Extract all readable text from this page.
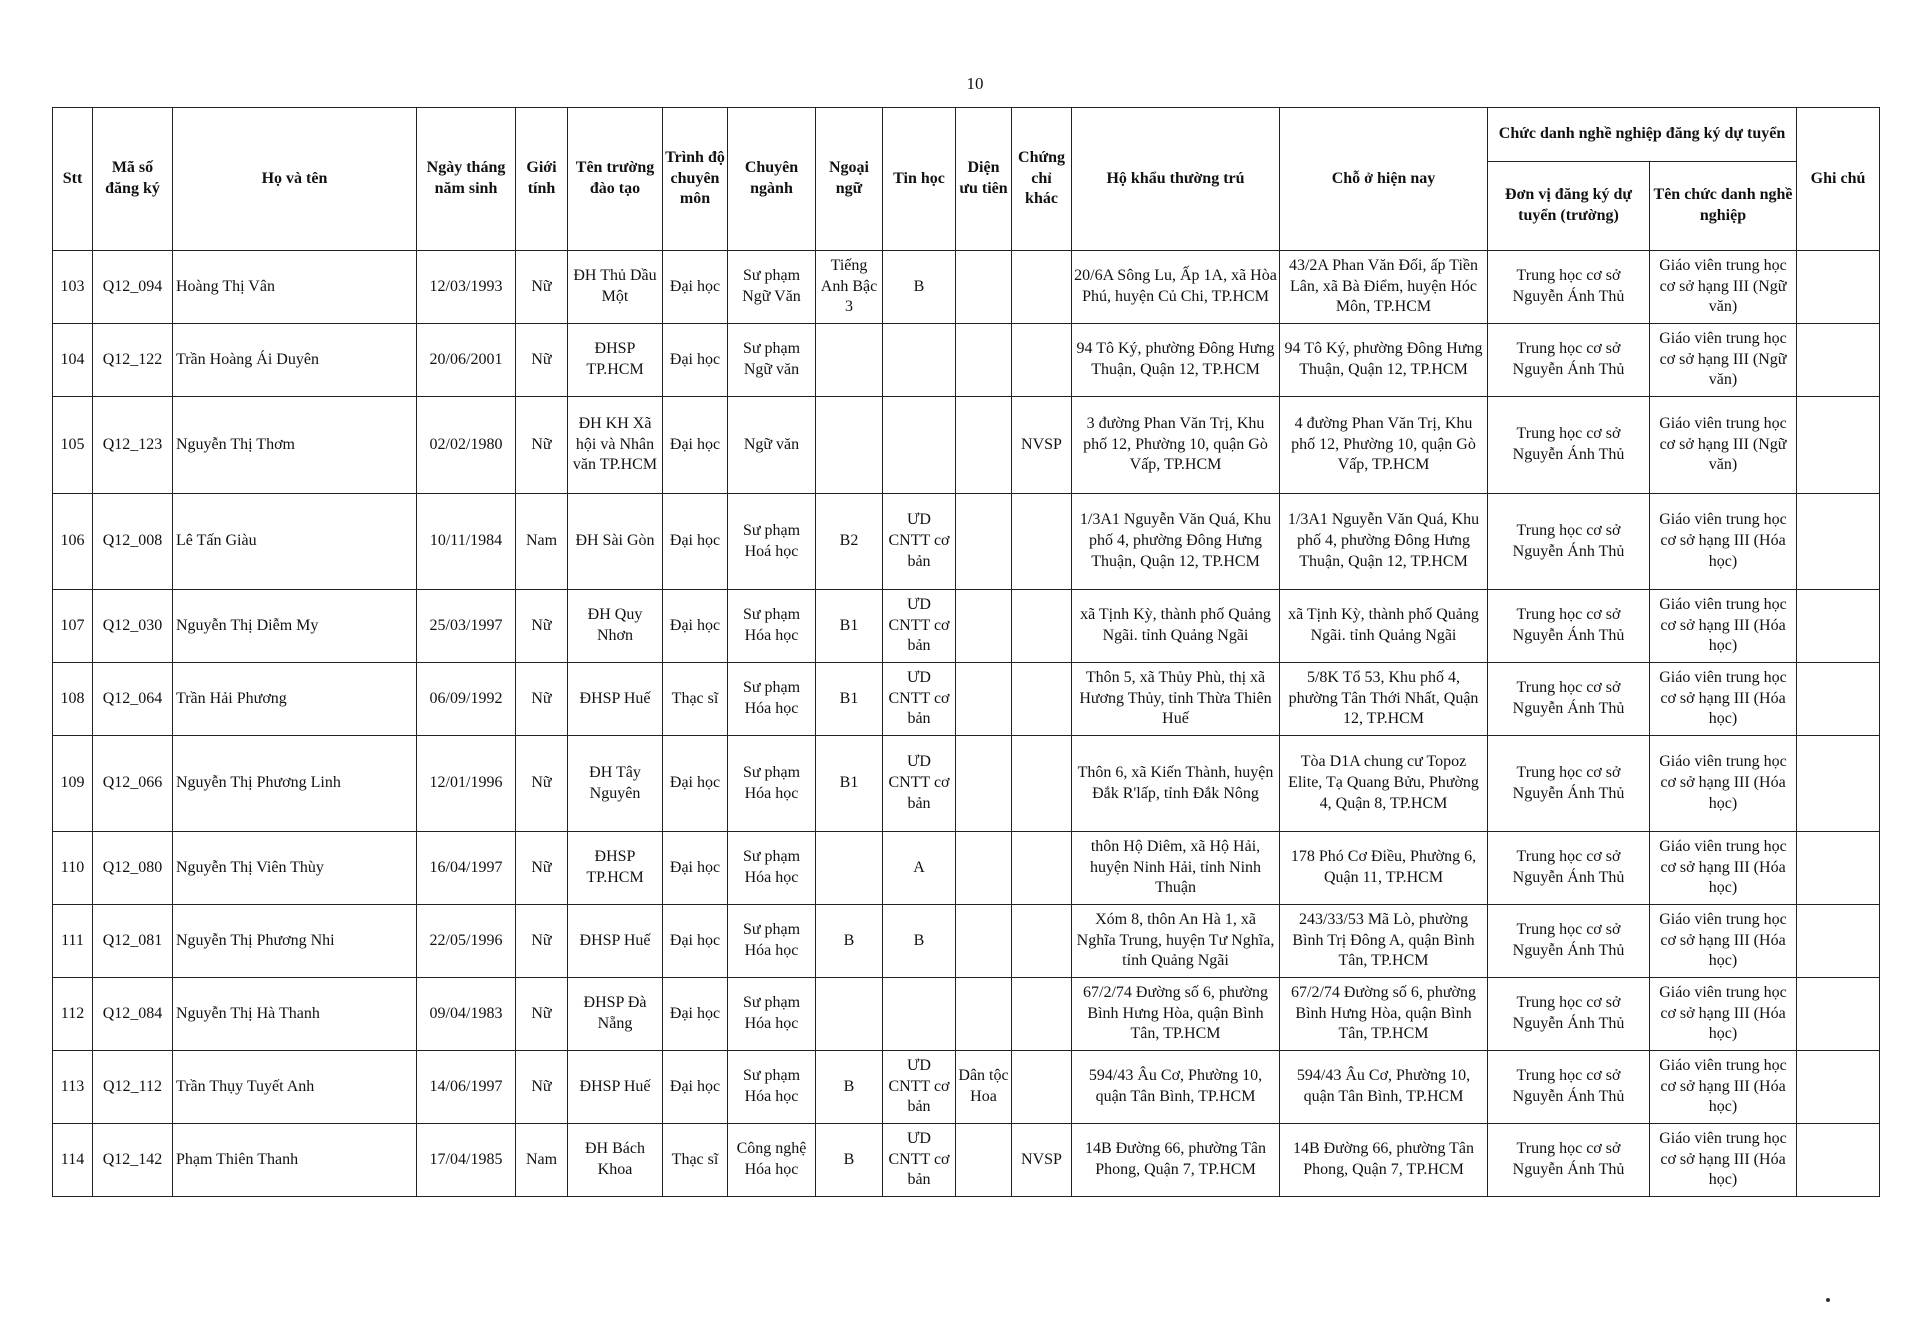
10
Stt	Mã số đăng ký	Họ và tên	Ngày tháng năm sinh	Giới tính	Tên trường đào tạo	Trình độ chuyên môn	Chuyên ngành	Ngoại ngữ	Tin học	Diện ưu tiên	Chứng chỉ khác	Hộ khẩu thường trú	Chỗ ở hiện nay	Chức danh nghề nghiệp đăng ký dự tuyển		Ghi chú
														Đơn vị đăng ký dự tuyển (trường)	Tên chức danh nghề nghiệp	
103	Q12_094	Hoàng Thị Vân	12/03/1993	Nữ	ĐH Thủ Dầu Một	Đại học	Sư phạm Ngữ Văn	Tiếng Anh Bậc 3	B			20/6A Sông Lu, Ấp 1A, xã Hòa Phú, huyện Củ Chi, TP.HCM	43/2A Phan Văn Đối, ấp Tiền Lân, xã Bà Điểm, huyện Hóc Môn, TP.HCM	Trung học cơ sở Nguyễn Ánh Thủ	Giáo viên trung học cơ sở hạng III (Ngữ văn)	
104	Q12_122	Trần Hoàng Ái Duyên	20/06/2001	Nữ	ĐHSP TP.HCM	Đại học	Sư phạm Ngữ văn					94 Tô Ký, phường Đông Hưng Thuận, Quận 12, TP.HCM	94 Tô Ký, phường Đông Hưng Thuận, Quận 12, TP.HCM	Trung học cơ sở Nguyễn Ánh Thủ	Giáo viên trung học cơ sở hạng III (Ngữ văn)	
105	Q12_123	Nguyễn Thị Thơm	02/02/1980	Nữ	ĐH KH Xã hội và Nhân văn TP.HCM	Đại học	Ngữ văn				NVSP	3 đường Phan Văn Trị, Khu phố 12, Phường 10, quận Gò Vấp, TP.HCM	4 đường Phan Văn Trị, Khu phố 12, Phường 10, quận Gò Vấp, TP.HCM	Trung học cơ sở Nguyễn Ánh Thủ	Giáo viên trung học cơ sở hạng III (Ngữ văn)	
106	Q12_008	Lê Tấn Giàu	10/11/1984	Nam	ĐH Sài Gòn	Đại học	Sư phạm Hoá học	B2	ƯD CNTT cơ bản			1/3A1 Nguyễn Văn Quá, Khu phố 4, phường Đông Hưng Thuận, Quận 12, TP.HCM	1/3A1 Nguyễn Văn Quá, Khu phố 4, phường Đông Hưng Thuận, Quận 12, TP.HCM	Trung học cơ sở Nguyễn Ánh Thủ	Giáo viên trung học cơ sở hạng III (Hóa học)	
107	Q12_030	Nguyễn Thị Diễm My	25/03/1997	Nữ	ĐH Quy Nhơn	Đại học	Sư phạm Hóa học	B1	ƯD CNTT cơ bản			xã Tịnh Kỳ, thành phố Quảng Ngãi. tỉnh Quảng Ngãi	xã Tịnh Kỳ, thành phố Quảng Ngãi. tỉnh Quảng Ngãi	Trung học cơ sở Nguyễn Ánh Thủ	Giáo viên trung học cơ sở hạng III (Hóa học)	
108	Q12_064	Trần Hải Phương	06/09/1992	Nữ	ĐHSP Huế	Thạc sĩ	Sư phạm Hóa học	B1	ƯD CNTT cơ bản			Thôn 5, xã Thủy Phù, thị xã Hương Thủy, tỉnh Thừa Thiên Huế	5/8K Tổ 53, Khu phố 4, phường Tân Thới Nhất, Quận 12, TP.HCM	Trung học cơ sở Nguyễn Ánh Thủ	Giáo viên trung học cơ sở hạng III (Hóa học)	
109	Q12_066	Nguyễn Thị Phương Linh	12/01/1996	Nữ	ĐH Tây Nguyên	Đại học	Sư phạm Hóa học	B1	ƯD CNTT cơ bản			Thôn 6, xã Kiến Thành, huyện Đắk R'lấp, tỉnh Đắk Nông	Tòa D1A chung cư Topoz Elite, Tạ Quang Bửu, Phường 4, Quận 8, TP.HCM	Trung học cơ sở Nguyễn Ánh Thủ	Giáo viên trung học cơ sở hạng III (Hóa học)	
110	Q12_080	Nguyễn Thị Viên Thùy	16/04/1997	Nữ	ĐHSP TP.HCM	Đại học	Sư phạm Hóa học		A			thôn Hộ Diêm, xã Hộ Hải, huyện Ninh Hải, tỉnh Ninh Thuận	178 Phó Cơ Điều, Phường 6, Quận 11, TP.HCM	Trung học cơ sở Nguyễn Ánh Thủ	Giáo viên trung học cơ sở hạng III (Hóa học)	
111	Q12_081	Nguyễn Thị Phương Nhi	22/05/1996	Nữ	ĐHSP Huế	Đại học	Sư phạm Hóa học	B	B			Xóm 8, thôn An Hà 1, xã Nghĩa Trung, huyện Tư Nghĩa, tỉnh Quảng Ngãi	243/33/53 Mã Lò, phường Bình Trị Đông A, quận Bình Tân, TP.HCM	Trung học cơ sở Nguyễn Ánh Thủ	Giáo viên trung học cơ sở hạng III (Hóa học)	
112	Q12_084	Nguyễn Thị Hà Thanh	09/04/1983	Nữ	ĐHSP Đà Nẵng	Đại học	Sư phạm Hóa học					67/2/74 Đường số 6, phường Bình Hưng Hòa, quận Bình Tân, TP.HCM	67/2/74 Đường số 6, phường Bình Hưng Hòa, quận Bình Tân, TP.HCM	Trung học cơ sở Nguyễn Ánh Thủ	Giáo viên trung học cơ sở hạng III (Hóa học)	
113	Q12_112	Trần Thụy Tuyết Anh	14/06/1997	Nữ	ĐHSP Huế	Đại học	Sư phạm Hóa học	B	ƯD CNTT cơ bản	Dân tộc Hoa		594/43 Âu Cơ, Phường 10, quận Tân Bình, TP.HCM	594/43 Âu Cơ, Phường 10, quận Tân Bình, TP.HCM	Trung học cơ sở Nguyễn Ánh Thủ	Giáo viên trung học cơ sở hạng III (Hóa học)	
114	Q12_142	Phạm Thiên Thanh	17/04/1985	Nam	ĐH Bách Khoa	Thạc sĩ	Công nghệ Hóa học	B	ƯD CNTT cơ bản		NVSP	14B Đường 66, phường Tân Phong, Quận 7, TP.HCM	14B Đường 66, phường Tân Phong, Quận 7, TP.HCM	Trung học cơ sở Nguyễn Ánh Thủ	Giáo viên trung học cơ sở hạng III (Hóa học)	
